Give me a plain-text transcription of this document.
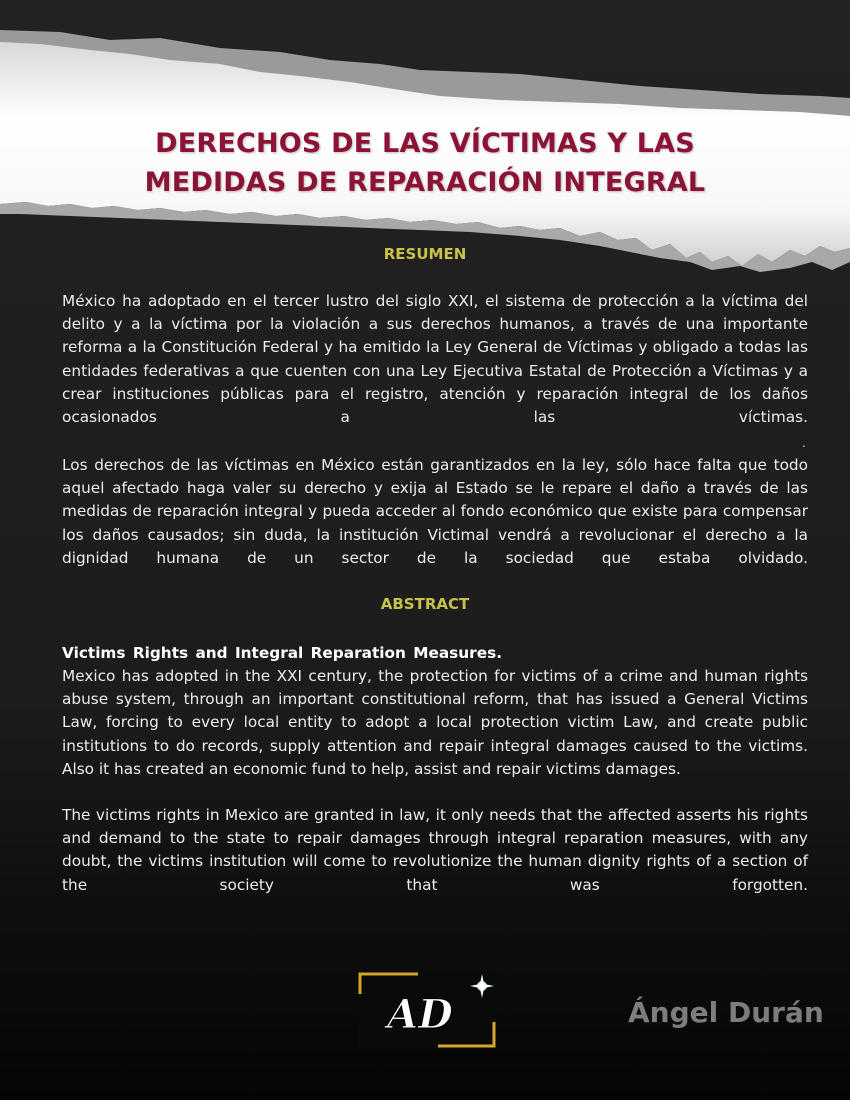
DERECHOS DE LAS VÍCTIMAS Y LAS
MEDIDAS DE REPARACIÓN INTEGRAL
RESUMEN

México ha adoptado en el tercer lustro del siglo XXI, el sistema de protección a la víctima del delito y a la víctima por la violación a sus derechos humanos, a través de una importante reforma a la Constitución Federal y ha emitido la Ley General de Víctimas y obligado a todas las entidades federativas a que cuenten con una Ley Ejecutiva Estatal de Protección a Víctimas y a crear instituciones públicas para el registro, atención y reparación integral de los daños ocasionados a las víctimas.

.

Los derechos de las víctimas en México están garantizados en la ley, sólo hace falta que todo aquel afectado haga valer su derecho y exija al Estado se le repare el daño a través de las medidas de reparación integral y pueda acceder al fondo económico que existe para compensar los daños causados; sin duda, la institución Victimal vendrá a revolucionar el derecho a la dignidad humana de un sector de la sociedad que estaba olvidado.

ABSTRACT

Victims Rights and Integral Reparation Measures.

Mexico has adopted in the XXI century, the protection for victims of a crime and human rights abuse system, through an important constitutional reform, that has issued a General Victims Law, forcing to every local entity to adopt a local protection victim Law, and create public institutions to do records, supply attention and repair integral damages caused to the victims. Also it has created an economic fund to help, assist and repair victims damages.

The victims rights in Mexico are granted in law, it only needs that the affected asserts his rights and demand to the state to repair damages through integral reparation measures, with any doubt, the victims institution will come to revolutionize the human dignity rights of a section of the society that was forgotten.

AD	Ángel Durán
